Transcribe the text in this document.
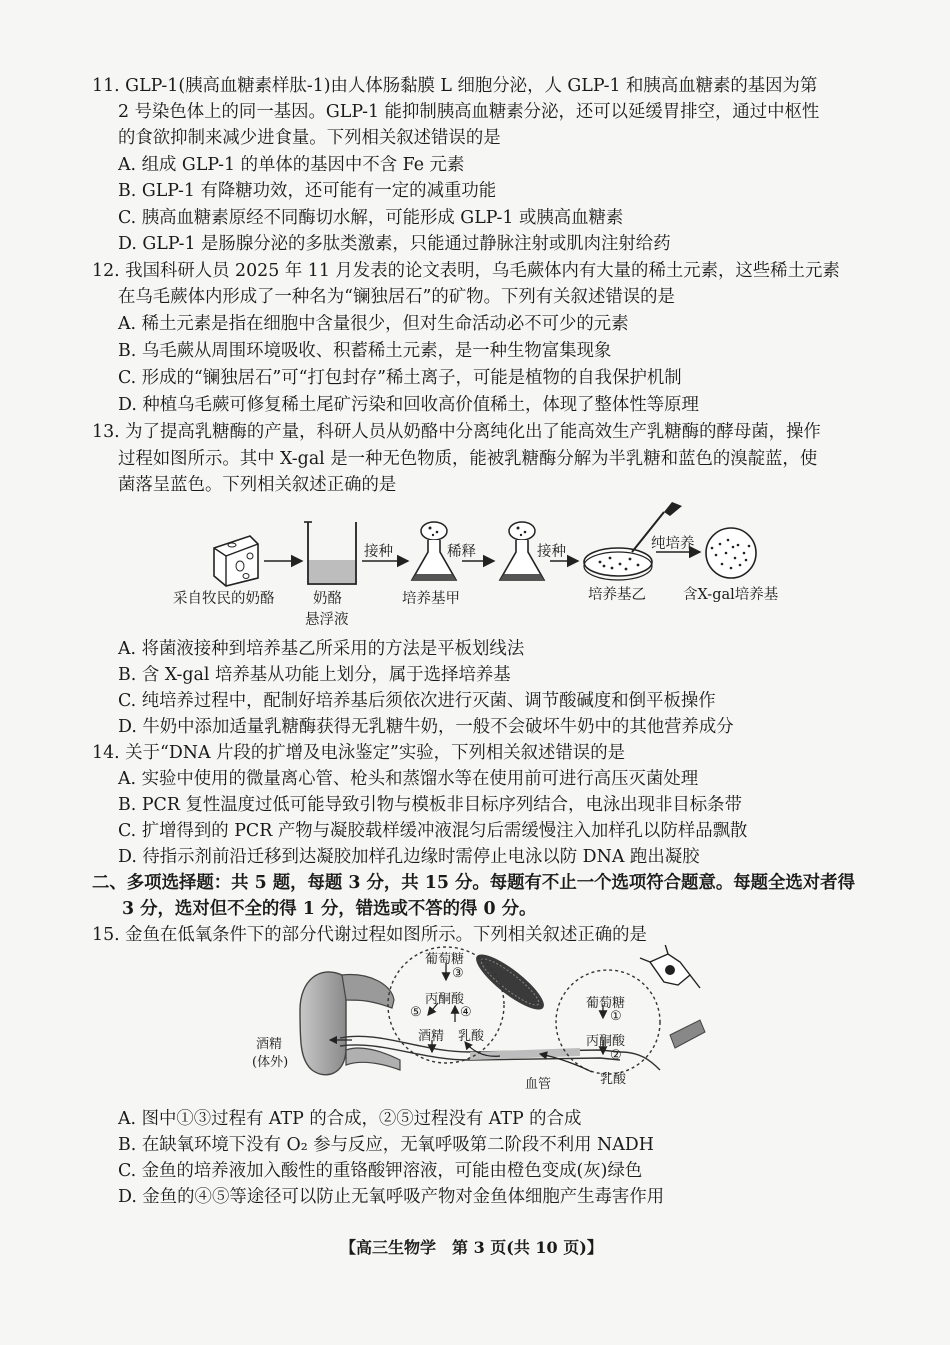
11. GLP-1(胰高血糖素样肽-1)由人体肠黏膜 L 细胞分泌，人 GLP-1 和胰高血糖素的基因为第
2 号染色体上的同一基因。GLP-1 能抑制胰高血糖素分泌，还可以延缓胃排空，通过中枢性
的食欲抑制来减少进食量。下列相关叙述错误的是
A. 组成 GLP-1 的单体的基因中不含 Fe 元素
B. GLP-1 有降糖功效，还可能有一定的减重功能
C. 胰高血糖素原经不同酶切水解，可能形成 GLP-1 或胰高血糖素
D. GLP-1 是肠腺分泌的多肽类激素，只能通过静脉注射或肌肉注射给药
12. 我国科研人员 2025 年 11 月发表的论文表明，乌毛蕨体内有大量的稀土元素，这些稀土元素
在乌毛蕨体内形成了一种名为“镧独居石”的矿物。下列有关叙述错误的是
A. 稀土元素是指在细胞中含量很少，但对生命活动必不可少的元素
B. 乌毛蕨从周围环境吸收、积蓄稀土元素，是一种生物富集现象
C. 形成的“镧独居石”可“打包封存”稀土离子，可能是植物的自我保护机制
D. 种植乌毛蕨可修复稀土尾矿污染和回收高价值稀土，体现了整体性等原理
13. 为了提高乳糖酶的产量，科研人员从奶酪中分离纯化出了能高效生产乳糖酶的酵母菌，操作
过程如图所示。其中 X-gal 是一种无色物质，能被乳糖酶分解为半乳糖和蓝色的溴靛蓝，使
菌落呈蓝色。下列相关叙述正确的是
接种	稀释	接种	纯培养
采自牧民的奶酪	奶酪
悬浮液
培养基甲	培养基乙	含X-gal培养基
A. 将菌液接种到培养基乙所采用的方法是平板划线法
B. 含 X-gal 培养基从功能上划分，属于选择培养基
C. 纯培养过程中，配制好培养基后须依次进行灭菌、调节酸碱度和倒平板操作
D. 牛奶中添加适量乳糖酶获得无乳糖牛奶，一般不会破坏牛奶中的其他营养成分
14. 关于“DNA 片段的扩增及电泳鉴定”实验，下列相关叙述错误的是
A. 实验中使用的微量离心管、枪头和蒸馏水等在使用前可进行高压灭菌处理
B. PCR 复性温度过低可能导致引物与模板非目标序列结合，电泳出现非目标条带
C. 扩增得到的 PCR 产物与凝胶载样缓冲液混匀后需缓慢注入加样孔以防样品飘散
D. 待指示剂前沿迁移到达凝胶加样孔边缘时需停止电泳以防 DNA 跑出凝胶
二、多项选择题：共 5 题，每题 3 分，共 15 分。每题有不止一个选项符合题意。每题全选对者得
3 分，选对但不全的得 1 分，错选或不答的得 0 分。
15. 金鱼在低氧条件下的部分代谢过程如图所示。下列相关叙述正确的是
酒精
(体外)
葡萄糖
③
丙酮酸
⑤	④
酒精 乳酸
葡萄糖
①
丙酮酸
②
乳酸
血管
A. 图中①③过程有 ATP 的合成，②⑤过程没有 ATP 的合成
B. 在缺氧环境下没有 O₂ 参与反应，无氧呼吸第二阶段不利用 NADH
C. 金鱼的培养液加入酸性的重铬酸钾溶液，可能由橙色变成(灰)绿色
D. 金鱼的④⑤等途径可以防止无氧呼吸产物对金鱼体细胞产生毒害作用
【高三生物学　第 3 页(共 10 页)】
